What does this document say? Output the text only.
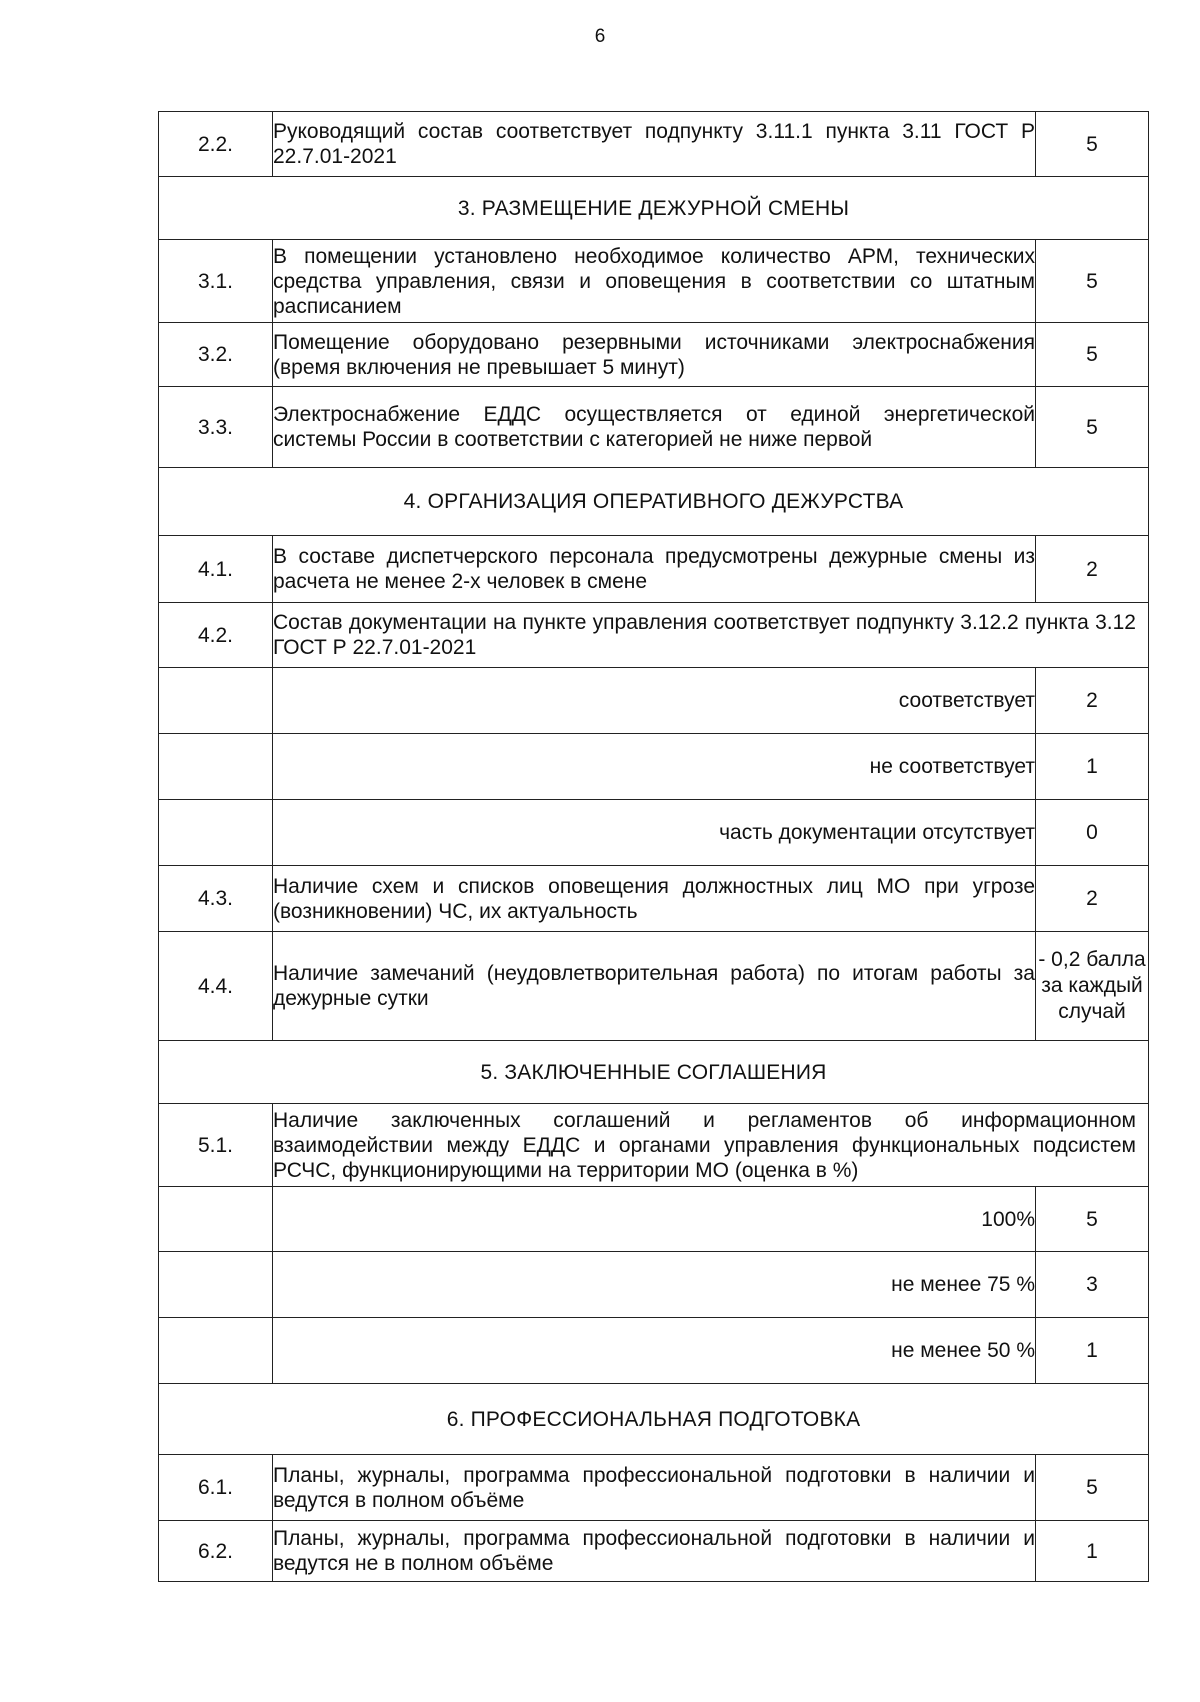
6
2.2.	Руководящий состав соответствует подпункту 3.11.1 пункта 3.11 ГОСТ Р 22.7.01-2021	5
3. РАЗМЕЩЕНИЕ ДЕЖУРНОЙ СМЕНЫ		
3.1.	В помещении установлено необходимое количество АРМ, технических средства управления, связи и оповещения в соответствии со штатным расписанием	5
3.2.	Помещение оборудовано резервными источниками электроснабжения (время включения не превышает 5 минут)	5
3.3.	Электроснабжение ЕДДС осуществляется от единой энергетической системы России в соответствии с категорией не ниже первой	5
4. ОРГАНИЗАЦИЯ ОПЕРАТИВНОГО ДЕЖУРСТВА		
4.1.	В составе диспетчерского персонала предусмотрены дежурные смены из расчета не менее 2-х человек в смене	2
4.2.	Состав документации на пункте управления соответствует подпункту 3.12.2 пункта 3.12 ГОСТ Р 22.7.01-2021	
	соответствует	2
	не соответствует	1
	часть документации отсутствует	0
4.3.	Наличие схем и списков оповещения должностных лиц МО при угрозе (возникновении) ЧС, их актуальность	2
4.4.	Наличие замечаний (неудовлетворительная работа) по итогам работы за дежурные сутки	- 0,2 балла за каждый случай
5. ЗАКЛЮЧЕННЫЕ СОГЛАШЕНИЯ		
5.1.	Наличие заключенных соглашений и регламентов об информационном взаимодействии между ЕДДС и органами управления функциональных подсистем РСЧС, функционирующими на территории МО (оценка в %)	
	100%	5
	не менее 75 %	3
	не менее 50 %	1
6. ПРОФЕССИОНАЛЬНАЯ ПОДГОТОВКА		
6.1.	Планы, журналы, программа профессиональной подготовки в наличии и ведутся в полном объёме	5
6.2.	Планы, журналы, программа профессиональной подготовки в наличии и ведутся не в полном объёме	1
